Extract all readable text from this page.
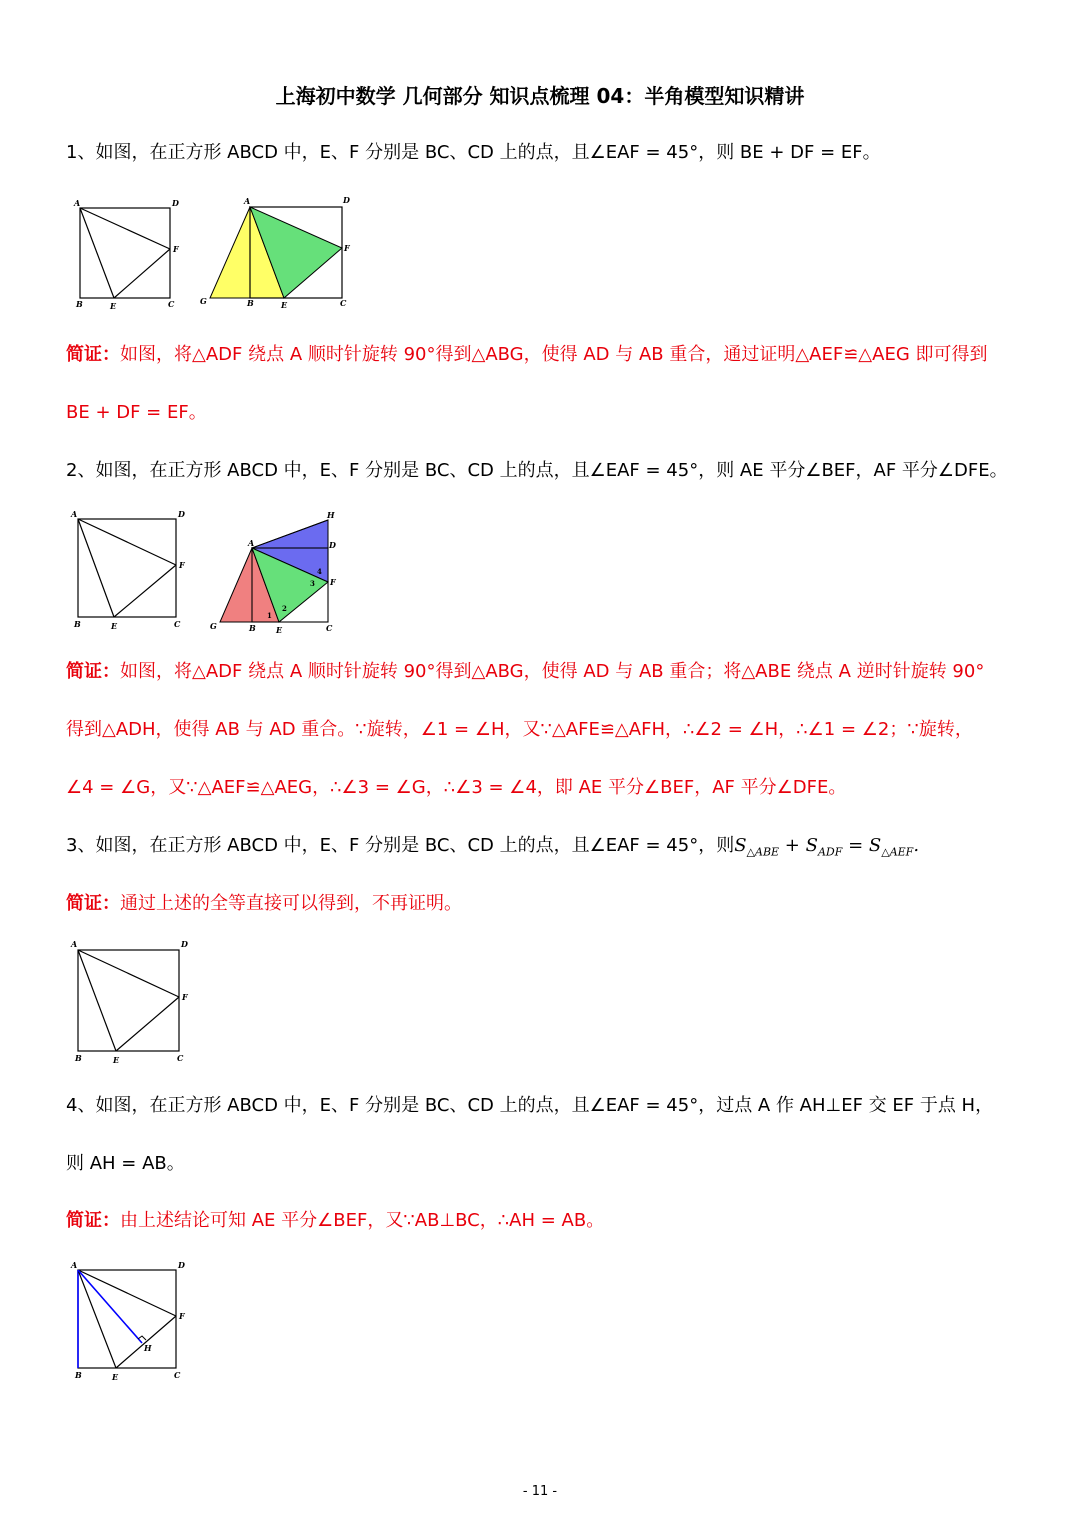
上海初中数学 几何部分 知识点梳理 04：半角模型知识精讲
1、如图，在正方形 ABCD 中，E、F 分别是 BC、CD 上的点，且∠EAF = 45°，则 BE + DF = EF。
A	D
F
B	E	C
A	D
F
G	B	E	C
简证：如图，将△ADF 绕点 A 顺时针旋转 90°得到△ABG，使得 AD 与 AB 重合，通过证明△AEF≌△AEG 即可得到
BE + DF = EF。
2、如图，在正方形 ABCD 中，E、F 分别是 BC、CD 上的点，且∠EAF = 45°，则 AE 平分∠BEF，AF 平分∠DFE。
A	D
F
B	E	C
A
H
D
F
G	B	E	C
1
2
3
4
简证：如图，将△ADF 绕点 A 顺时针旋转 90°得到△ABG，使得 AD 与 AB 重合；将△ABE 绕点 A 逆时针旋转 90°
得到△ADH，使得 AB 与 AD 重合。∵旋转，∠1 = ∠H，又∵△AFE≌△AFH，∴∠2 = ∠H，∴∠1 = ∠2；∵旋转，
∠4 = ∠G，又∵△AEF≌△AEG，∴∠3 = ∠G，∴∠3 = ∠4，即 AE 平分∠BEF，AF 平分∠DFE。
3、如图，在正方形 ABCD 中，E、F 分别是 BC、CD 上的点，且∠EAF = 45°，则$S_{\triangle ABE} + S_{ADF} = S_{\triangle AEF}$.
简证：通过上述的全等直接可以得到，不再证明。
A	D
F
B	E	C
4、如图，在正方形 ABCD 中，E、F 分别是 BC、CD 上的点，且∠EAF = 45°，过点 A 作 AH⊥EF 交 EF 于点 H，
则 AH = AB。
简证：由上述结论可知 AE 平分∠BEF，又∵AB⊥BC，∴AH = AB。
A	D
F
H
B	E	C
- 11 -
